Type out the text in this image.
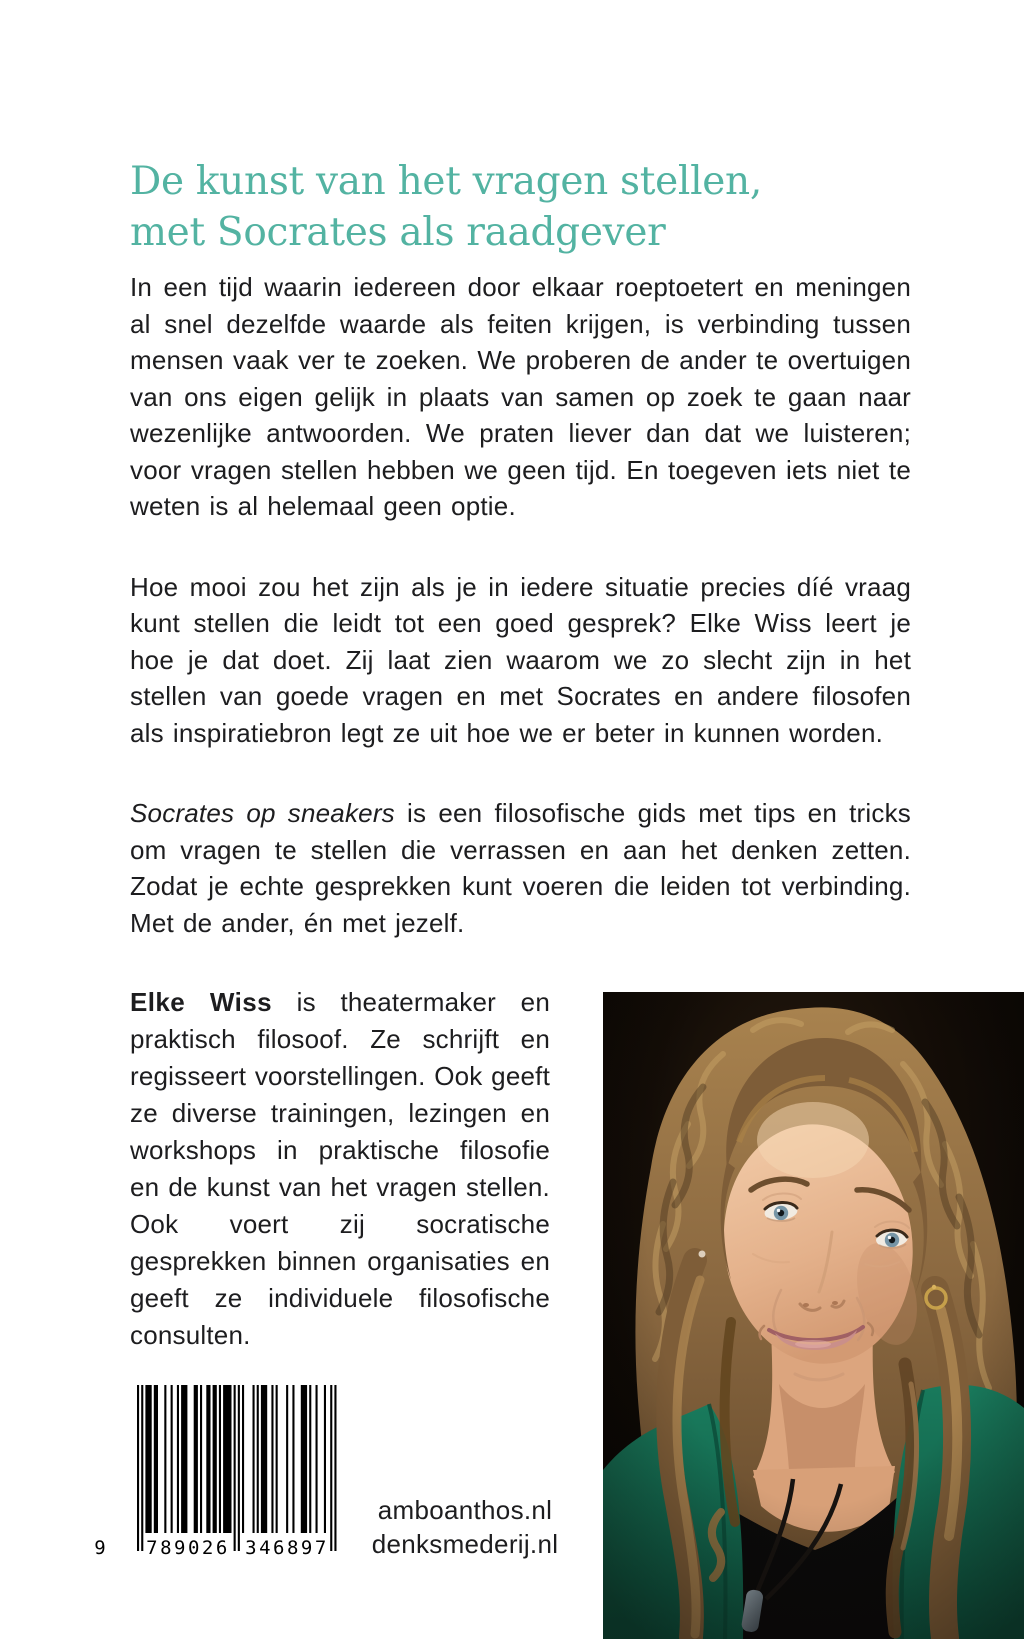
De kunst van het vragen stellen,
met Socrates als raadgever

In een tijd waarin iedereen door elkaar roeptoetert en meningen al snel dezelfde waarde als feiten krijgen, is verbinding tussen mensen vaak ver te zoeken. We proberen de ander te overtuigen van ons eigen gelijk in plaats van samen op zoek te gaan naar wezenlijke antwoorden. We praten liever dan dat we luisteren; voor vragen stellen hebben we geen tijd. En toegeven iets niet te weten is al helemaal geen optie.

Hoe mooi zou het zijn als je in iedere situatie precies díé vraag kunt stellen die leidt tot een goed gesprek? Elke Wiss leert je hoe je dat doet. Zij laat zien waarom we zo slecht zijn in het stellen van goede vragen en met Socrates en andere filosofen als inspiratiebron legt ze uit hoe we er beter in kunnen worden.

Socrates op sneakers is een filosofische gids met tips en tricks om vragen te stellen die verrassen en aan het denken zetten. Zodat je echte gesprekken kunt voeren die leiden tot verbinding. Met de ander, én met jezelf.

Elke Wiss is theatermaker en praktisch filosoof. Ze schrijft en regisseert voorstellingen. Ook geeft ze diverse trainingen, lezingen en workshops in praktische filosofie en de kunst van het vragen stellen. Ook voert zij socratische gesprekken binnen organisaties en geeft ze individuele filosofische consulten.
9 789026 346897
amboanthos.nl
denksmederij.nl
